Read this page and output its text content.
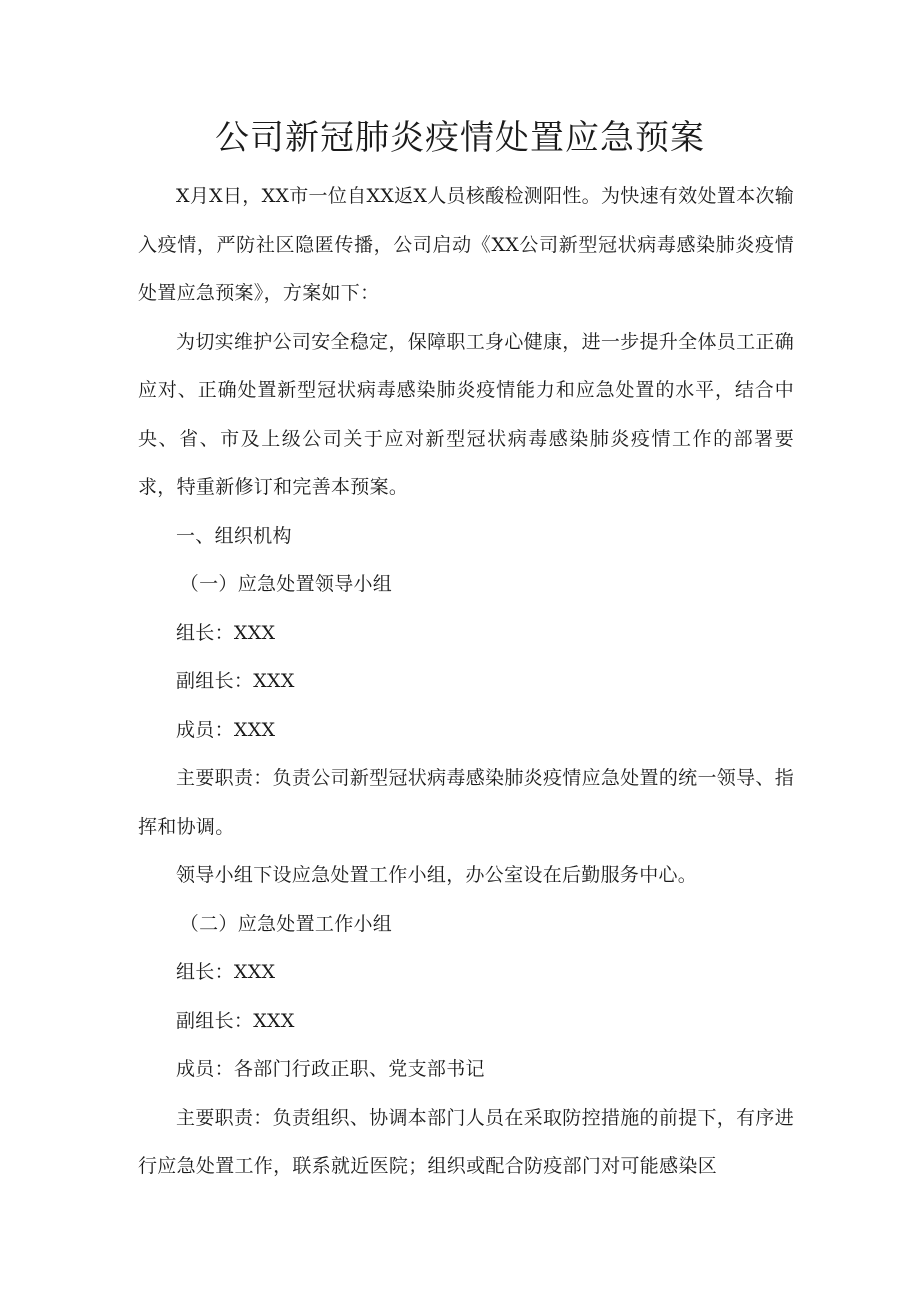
公司新冠肺炎疫情处置应急预案

X月X日，XX市一位自XX返X人员核酸检测阳性。为快速有效处置本次输入疫情，严防社区隐匿传播，公司启动《XX公司新型冠状病毒感染肺炎疫情处置应急预案》，方案如下：

为切实维护公司安全稳定，保障职工身心健康，进一步提升全体员工正确应对、正确处置新型冠状病毒感染肺炎疫情能力和应急处置的水平，结合中央、省、市及上级公司关于应对新型冠状病毒感染肺炎疫情工作的部署要求，特重新修订和完善本预案。

一、组织机构

（一）应急处置领导小组

组长：XXX

副组长：XXX

成员：XXX

主要职责：负责公司新型冠状病毒感染肺炎疫情应急处置的统一领导、指挥和协调。

领导小组下设应急处置工作小组，办公室设在后勤服务中心。

（二）应急处置工作小组

组长：XXX

副组长：XXX

成员：各部门行政正职、党支部书记

主要职责：负责组织、协调本部门人员在采取防控措施的前提下，有序进行应急处置工作，联系就近医院；组织或配合防疫部门对可能感染区
